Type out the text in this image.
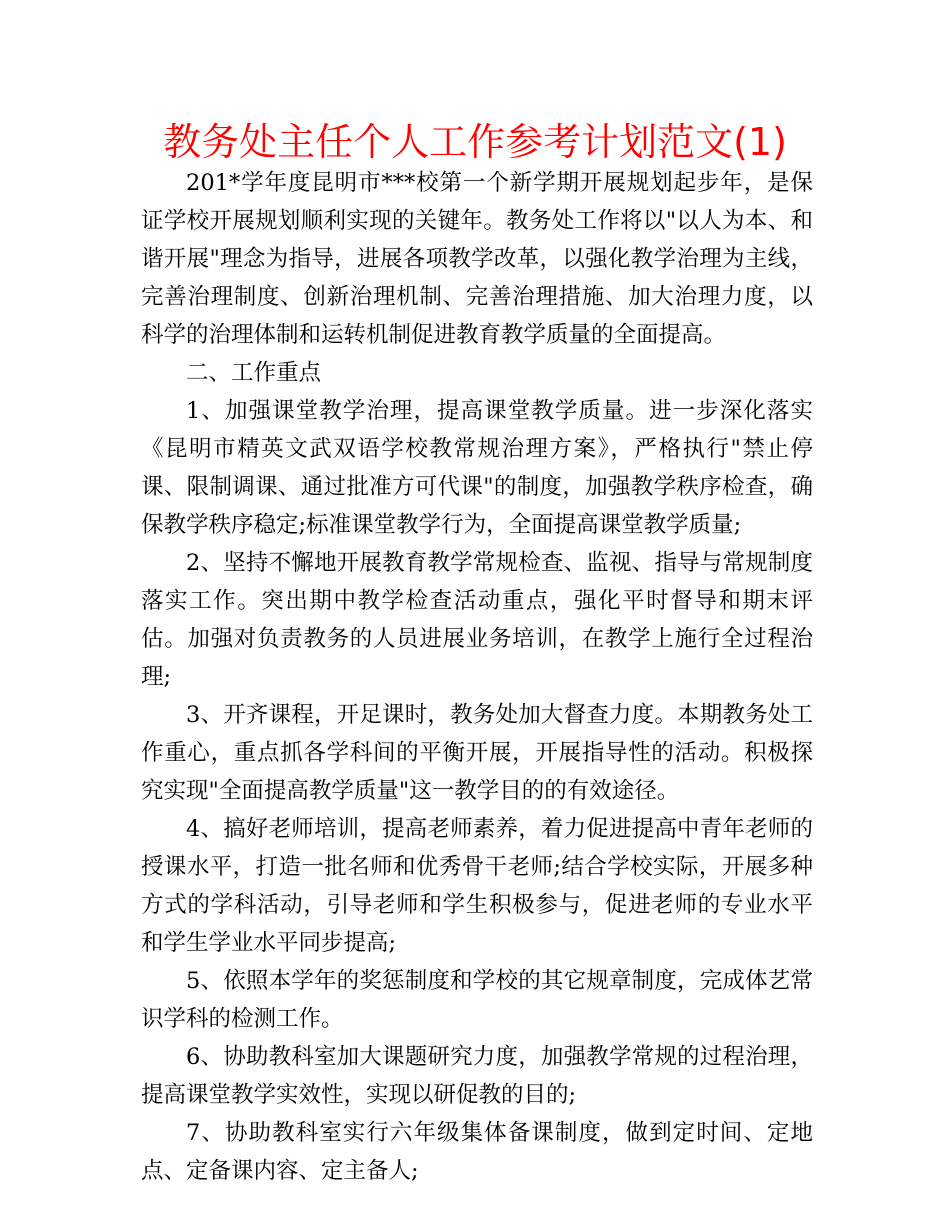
教务处主任个人工作参考计划范文(1)

201*学年度昆明市***校第一个新学期开展规划起步年，是保证学校开展规划顺利实现的关键年。教务处工作将以"以人为本、和谐开展"理念为指导，进展各项教学改革，以强化教学治理为主线，完善治理制度、创新治理机制、完善治理措施、加大治理力度，以科学的治理体制和运转机制促进教育教学质量的全面提高。

二、工作重点

1、加强课堂教学治理，提高课堂教学质量。进一步深化落实《昆明市精英文武双语学校教常规治理方案》，严格执行"禁止停课、限制调课、通过批准方可代课"的制度，加强教学秩序检查，确保教学秩序稳定;标准课堂教学行为，全面提高课堂教学质量;

2、坚持不懈地开展教育教学常规检查、监视、指导与常规制度落实工作。突出期中教学检查活动重点，强化平时督导和期末评估。加强对负责教务的人员进展业务培训，在教学上施行全过程治理;

3、开齐课程，开足课时，教务处加大督查力度。本期教务处工作重心，重点抓各学科间的平衡开展，开展指导性的活动。积极探究实现"全面提高教学质量"这一教学目的的有效途径。

4、搞好老师培训，提高老师素养，着力促进提高中青年老师的授课水平，打造一批名师和优秀骨干老师;结合学校实际，开展多种方式的学科活动，引导老师和学生积极参与，促进老师的专业水平和学生学业水平同步提高;

5、依照本学年的奖惩制度和学校的其它规章制度，完成体艺常识学科的检测工作。

6、协助教科室加大课题研究力度，加强教学常规的过程治理，提高课堂教学实效性，实现以研促教的目的;

7、协助教科室实行六年级集体备课制度，做到定时间、定地点、定备课内容、定主备人;
